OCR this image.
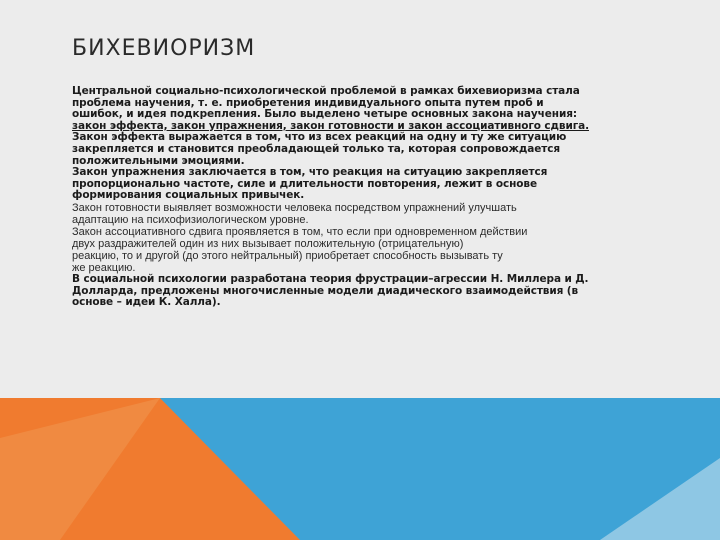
БИХЕВИОРИЗМ

Центральной социально-психологической проблемой в рамках бихевиоризма стала
проблема научения, т. е. приобретения индивидуального опыта путем проб и
ошибок, и идея подкрепления. Было выделено четыре основных закона научения:
закон эффекта, закон упражнения, закон готовности и закон ассоциативного сдвига.

Закон эффекта выражается в том, что из всех реакций на одну и ту же ситуацию
закрепляется и становится преобладающей только та, которая сопровождается
положительными эмоциями.

Закон упражнения заключается в том, что реакция на ситуацию закрепляется
пропорционально частоте, силе и длительности повторения, лежит в основе
формирования социальных привычек.

Закон готовности выявляет возможности человека посредством упражнений улучшать
адаптацию на психофизиологическом уровне.

Закон ассоциативного сдвига проявляется в том, что если при одновременном действии
двух раздражителей один из них вызывает положительную (отрицательную)
реакцию, то и другой (до этого нейтральный) приобретает способность вызывать ту
же реакцию.

В социальной психологии разработана теория фрустрации–агрессии Н. Миллера и Д.
Долларда, предложены многочисленные модели диадического взаимодействия (в
основе – идеи К. Халла).
